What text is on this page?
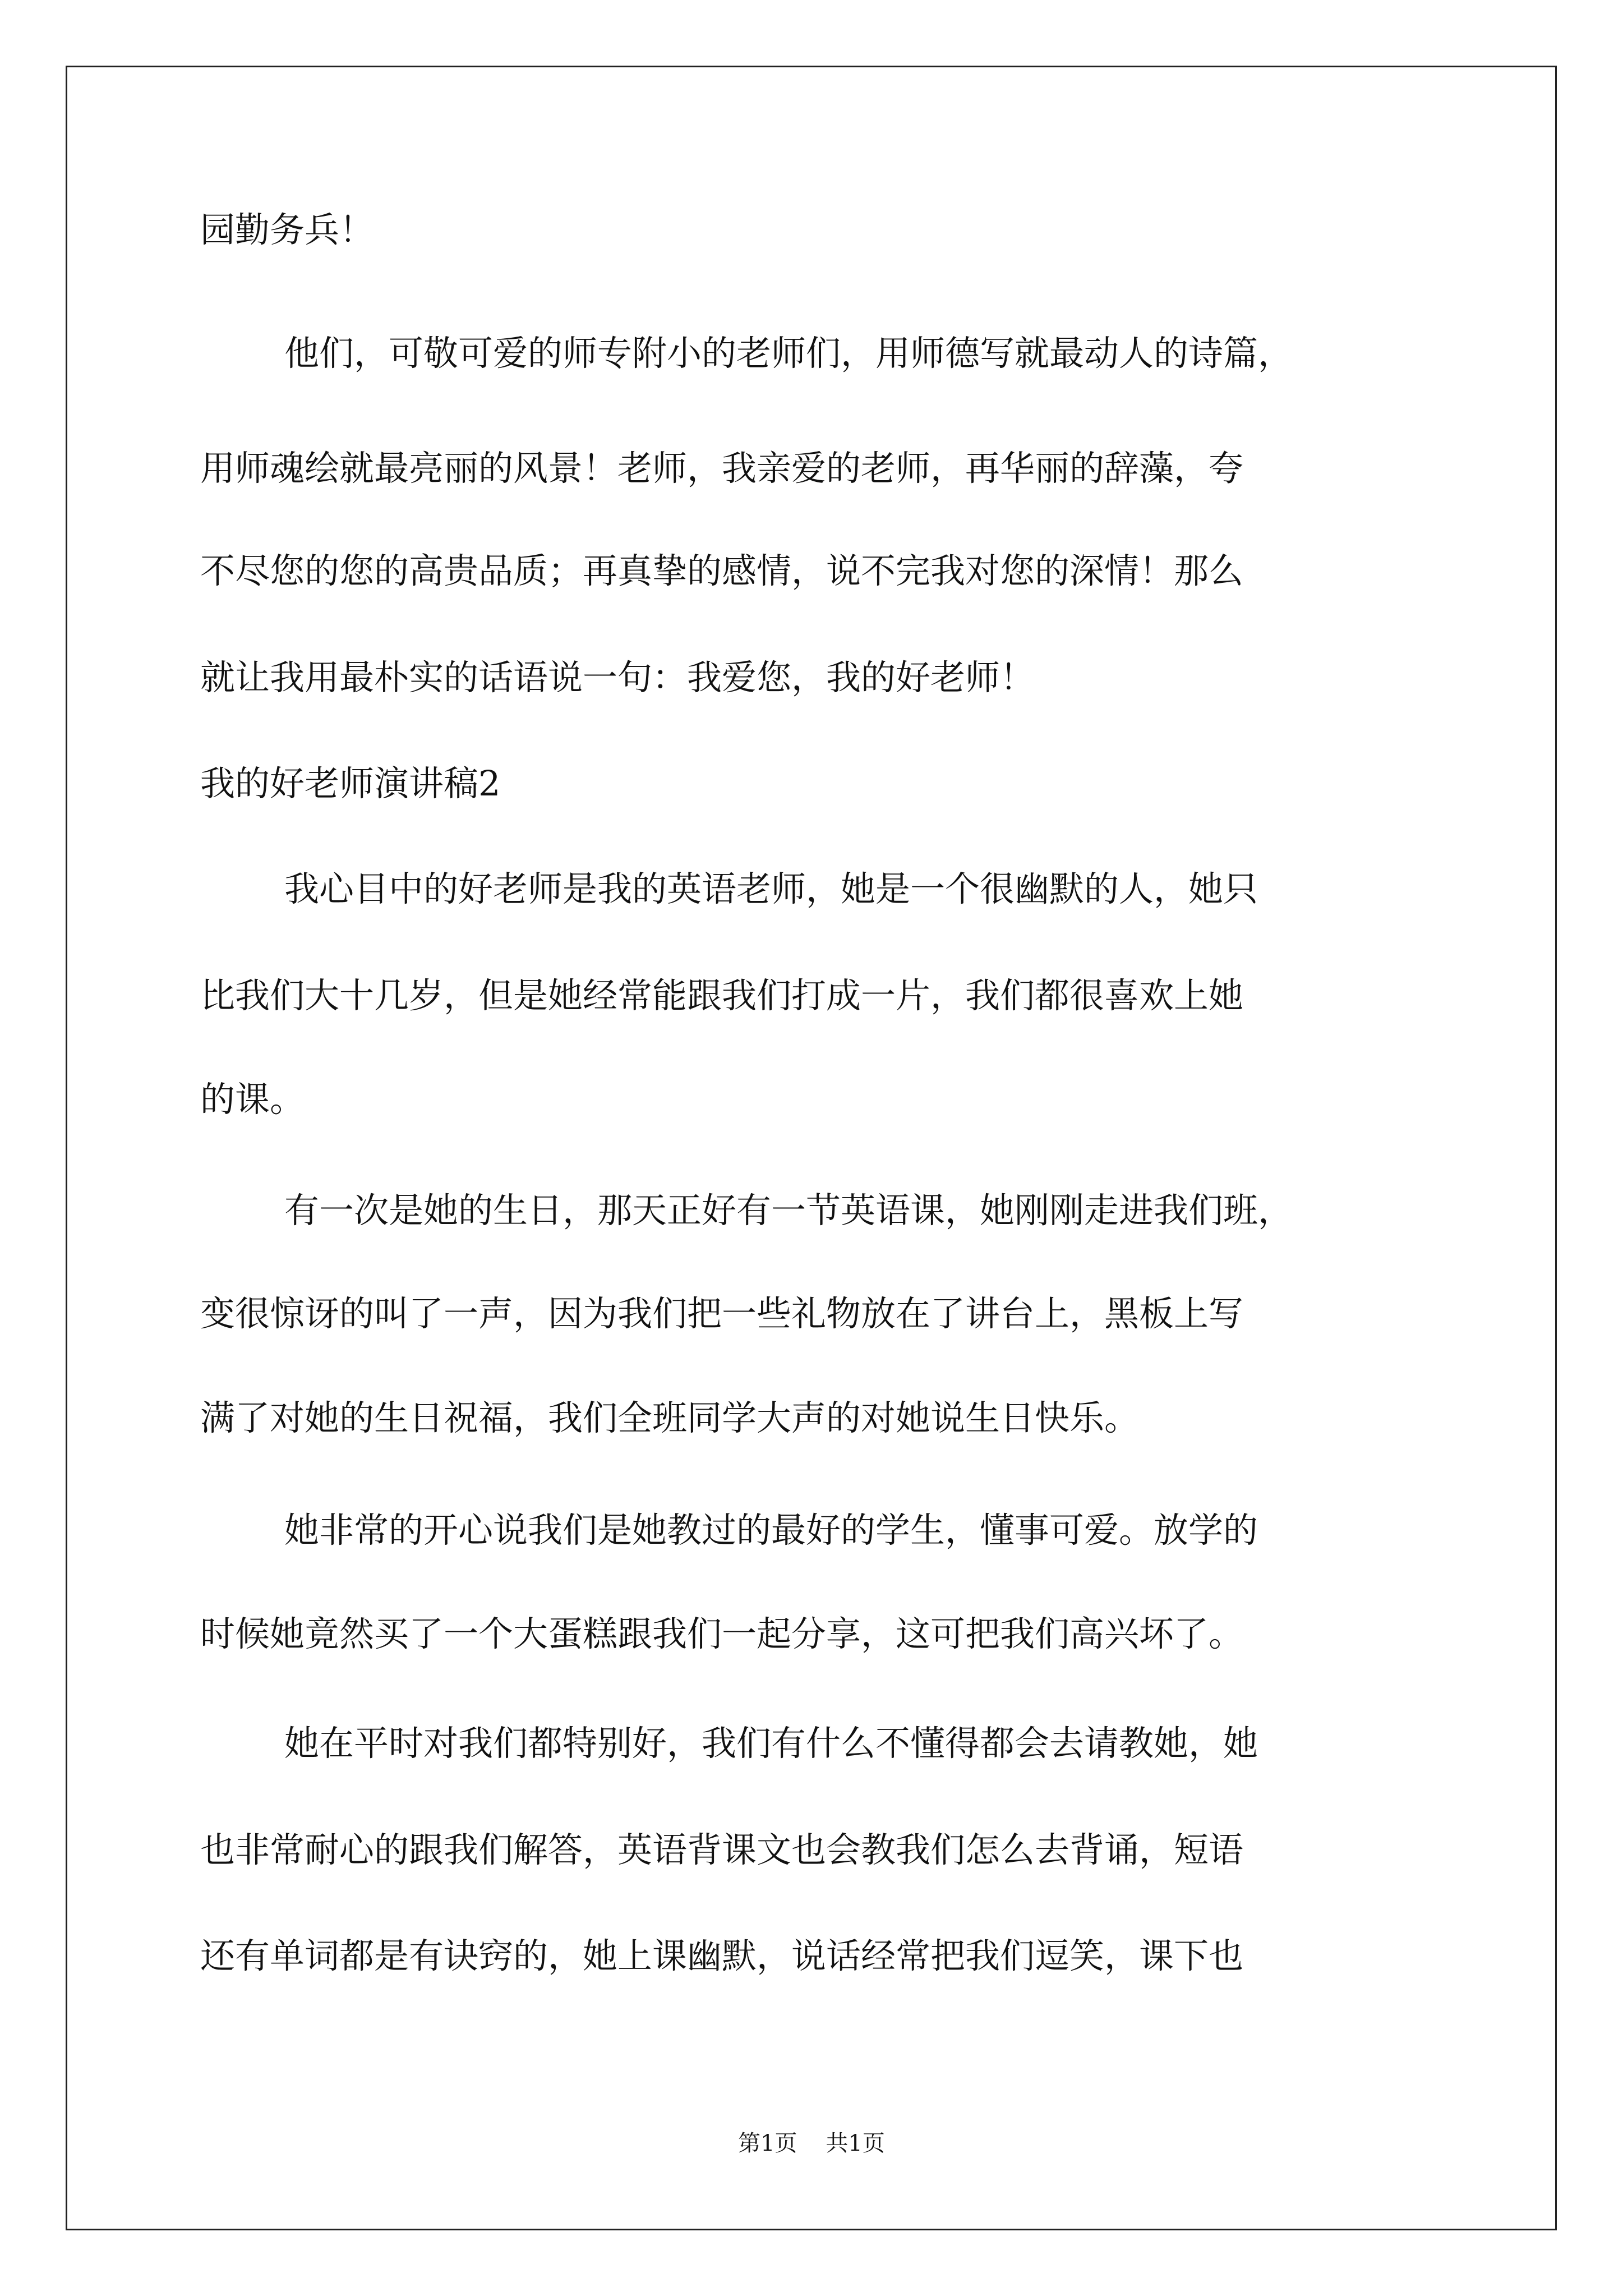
园勤务兵！
他们，可敬可爱的师专附小的老师们，用师德写就最动人的诗篇，
用师魂绘就最亮丽的风景！老师，我亲爱的老师，再华丽的辞藻，夸
不尽您的您的高贵品质；再真挚的感情，说不完我对您的深情！那么
就让我用最朴实的话语说一句：我爱您，我的好老师！
我的好老师演讲稿2
我心目中的好老师是我的英语老师，她是一个很幽默的人，她只
比我们大十几岁，但是她经常能跟我们打成一片，我们都很喜欢上她
的课。
有一次是她的生日，那天正好有一节英语课，她刚刚走进我们班，
变很惊讶的叫了一声，因为我们把一些礼物放在了讲台上，黑板上写
满了对她的生日祝福，我们全班同学大声的对她说生日快乐。
她非常的开心说我们是她教过的最好的学生，懂事可爱。放学的
时候她竟然买了一个大蛋糕跟我们一起分享，这可把我们高兴坏了。
她在平时对我们都特别好，我们有什么不懂得都会去请教她，她
也非常耐心的跟我们解答，英语背课文也会教我们怎么去背诵，短语
还有单词都是有诀窍的，她上课幽默，说话经常把我们逗笑，课下也
第1页    共1页
